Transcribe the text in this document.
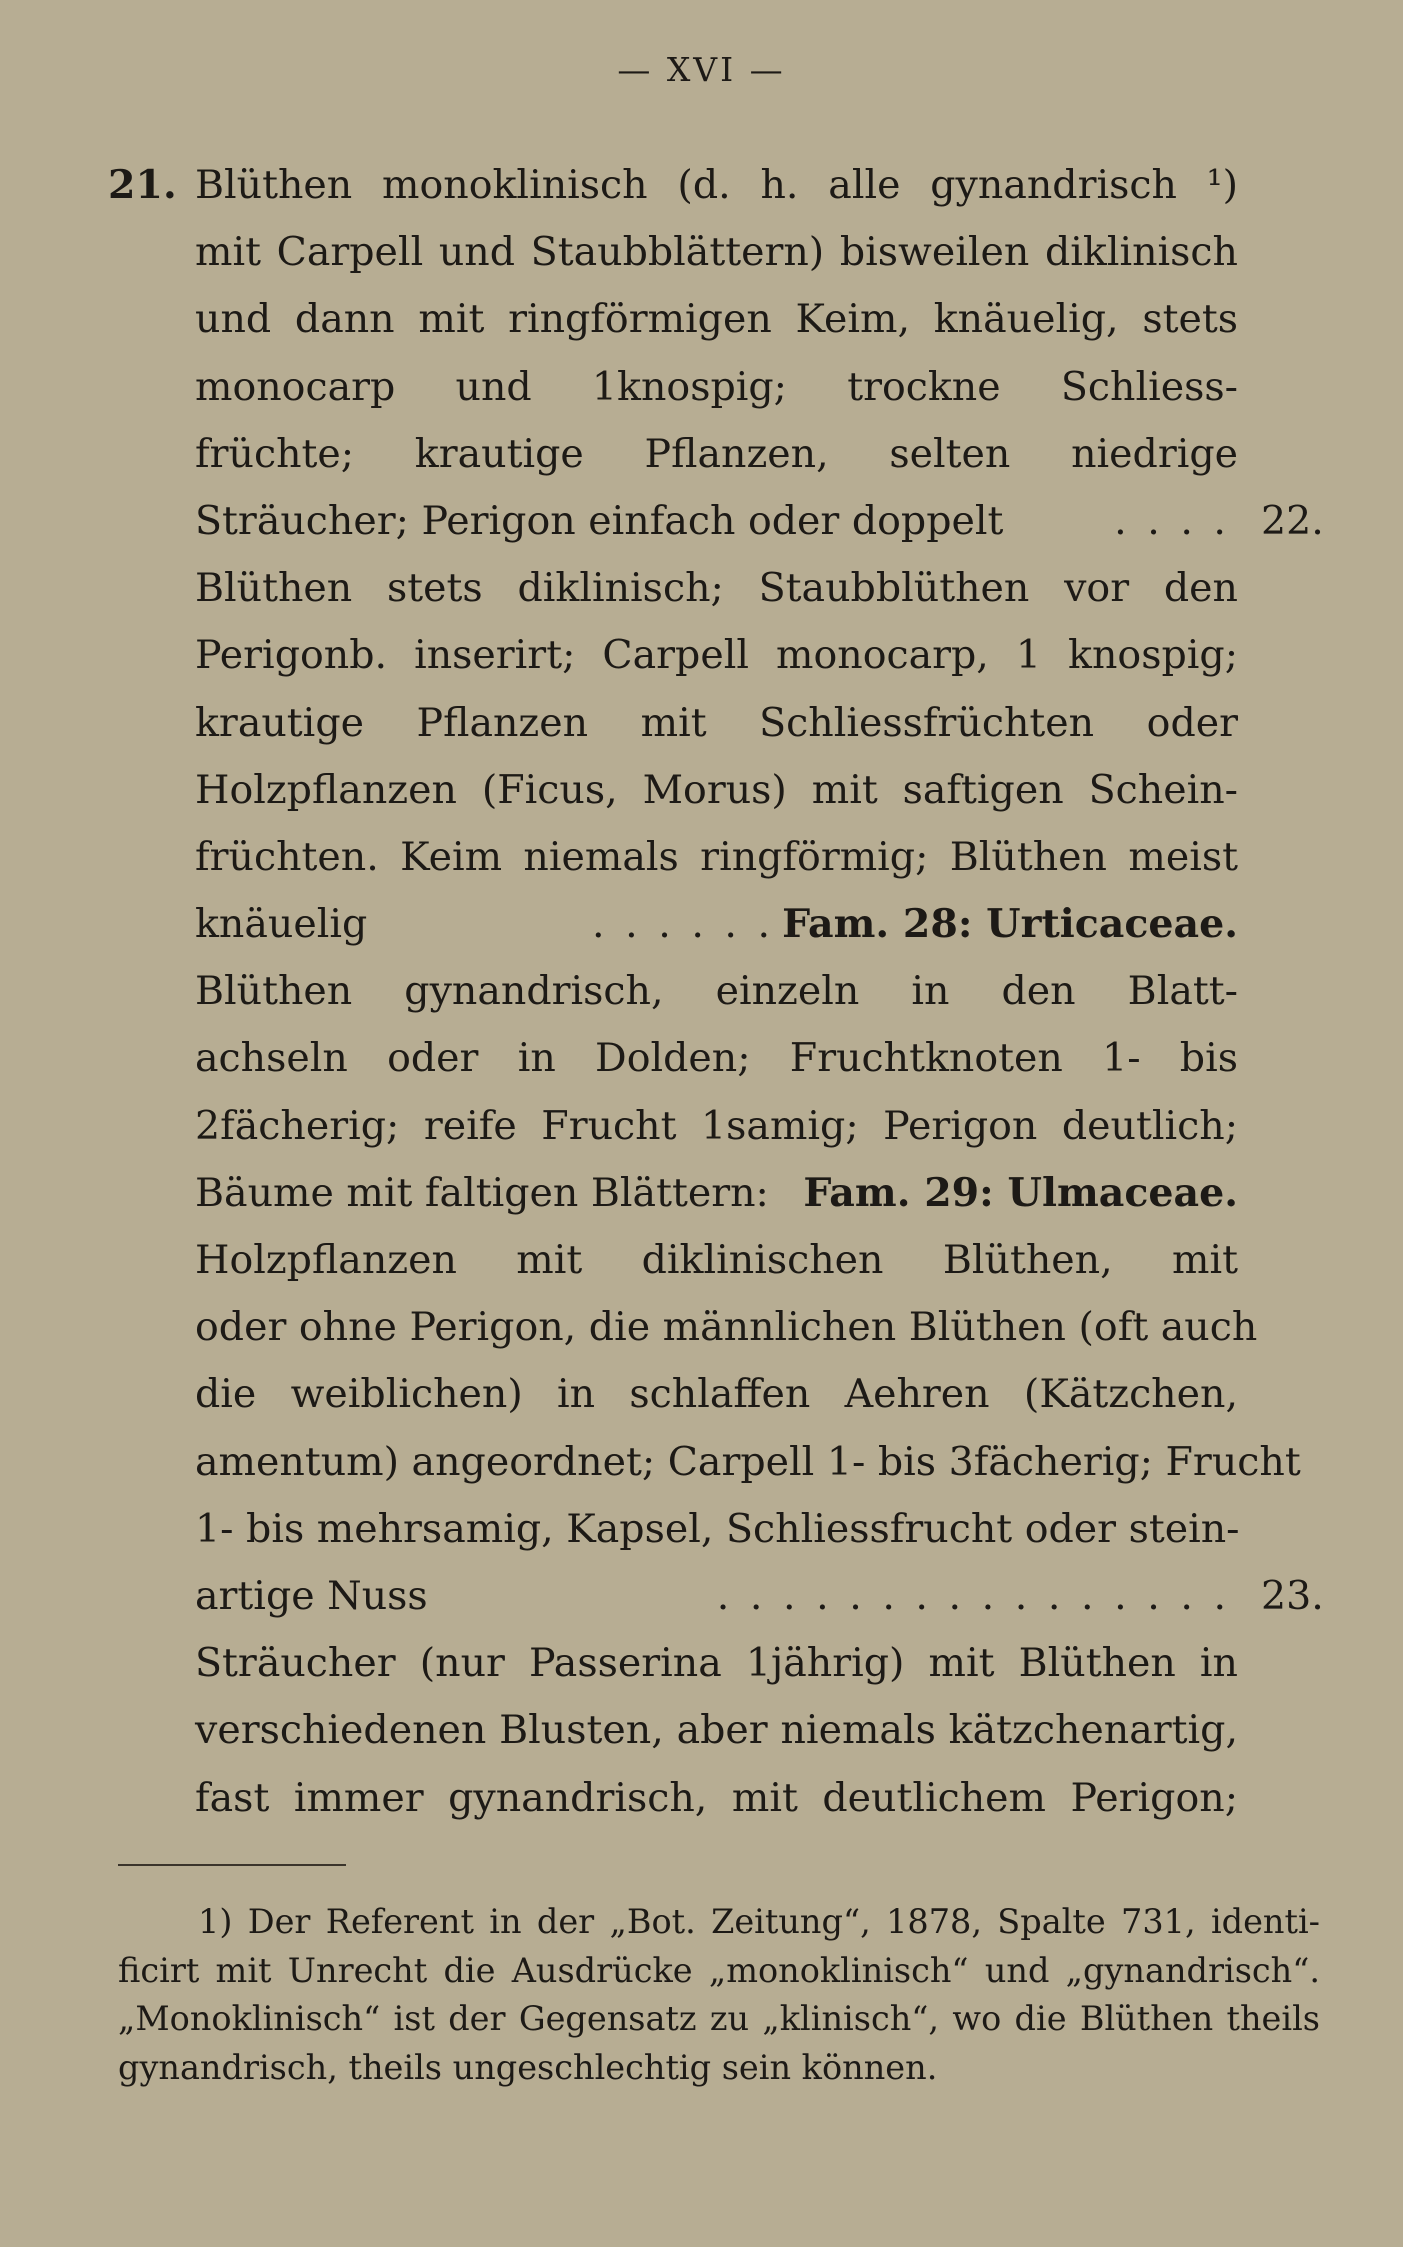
— XVI —
21. Blüthen monoklinisch (d. h. alle gynandrisch ¹)
mit Carpell und Staubblättern) bisweilen diklinisch
und dann mit ringförmigen Keim, knäuelig, stets
monocarp und 1knospig; trockne Schliess-
früchte; krautige Pflanzen, selten niedrige
Sträucher; Perigon einfach oder doppelt	. . . . 22.
Blüthen stets diklinisch; Staubblüthen vor den
Perigonb. inserirt; Carpell monocarp, 1 knospig;
krautige Pflanzen mit Schliessfrüchten oder
Holzpflanzen (Ficus, Morus) mit saftigen Schein-
früchten. Keim niemals ringförmig; Blüthen meist
knäuelig	. . . . . . Fam. 28: Urticaceae.
Blüthen gynandrisch, einzeln in den Blatt-
achseln oder in Dolden; Fruchtknoten 1- bis
2fächerig; reife Frucht 1samig; Perigon deutlich;
Bäume mit faltigen Blättern: Fam. 29: Ulmaceae.
Holzpflanzen mit diklinischen Blüthen, mit
oder ohne Perigon, die männlichen Blüthen (oft auch
die weiblichen) in schlaffen Aehren (Kätzchen,
amentum) angeordnet; Carpell 1- bis 3fächerig; Frucht
1- bis mehrsamig, Kapsel, Schliessfrucht oder stein-
artige Nuss	. . . . . . . . . . . . . . . . 23.
Sträucher (nur Passerina 1jährig) mit Blüthen in
verschiedenen Blusten, aber niemals kätzchenartig,
fast immer gynandrisch, mit deutlichem Perigon;
1) Der Referent in der „Bot. Zeitung“, 1878, Spalte 731, identi-
ficirt mit Unrecht die Ausdrücke „monoklinisch“ und „gynandrisch“.
„Monoklinisch“ ist der Gegensatz zu „klinisch“, wo die Blüthen theils
gynandrisch, theils ungeschlechtig sein können.
